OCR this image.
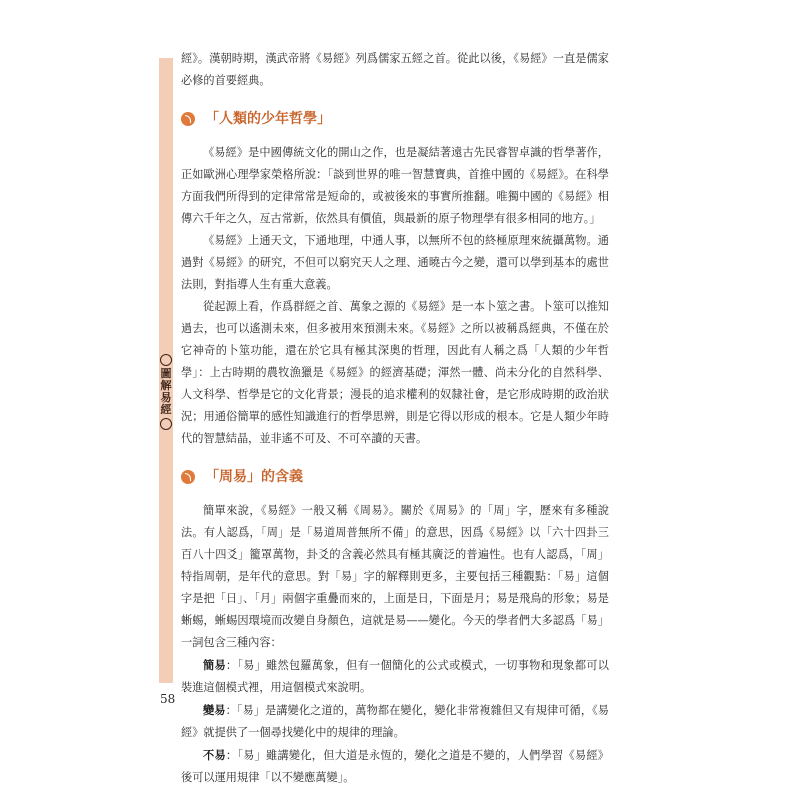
圖解易經

經》。漢朝時期，漢武帝將《易經》列爲儒家五經之首。從此以後，《易經》一直是儒家必修的首要經典。

「人類的少年哲學」

《易經》是中國傳統文化的開山之作，也是凝結著遠古先民睿智卓識的哲學著作，正如歐洲心理學家榮格所說：「談到世界的唯一智慧寶典，首推中國的《易經》。在科學方面我們所得到的定律常常是短命的，或被後來的事實所推翻。唯獨中國的《易經》相傳六千年之久，亙古常新，依然具有價值，與最新的原子物理學有很多相同的地方。」

《易經》上通天文，下通地理，中通人事，以無所不包的終極原理來統攝萬物。通過對《易經》的研究，不但可以窮究天人之理、通曉古今之變，還可以學到基本的處世法則，對指導人生有重大意義。

從起源上看，作爲群經之首、萬象之源的《易經》是一本卜筮之書。卜筮可以推知過去，也可以遙測未來，但多被用來預測未來。《易經》之所以被稱爲經典，不僅在於它神奇的卜筮功能，還在於它具有極其深奧的哲理，因此有人稱之爲「人類的少年哲學」：上古時期的農牧漁獵是《易經》的經濟基礎；渾然一體、尚未分化的自然科學、人文科學、哲學是它的文化背景；漫長的追求權利的奴隸社會，是它形成時期的政治狀況；用通俗簡單的感性知識進行的哲學思辨，則是它得以形成的根本。它是人類少年時代的智慧結晶，並非遙不可及、不可卒讀的天書。

「周易」的含義

簡單來說，《易經》一般又稱《周易》。關於《周易》的「周」字，歷來有多種說法。有人認爲，「周」是「易道周普無所不備」的意思，因爲《易經》以「六十四卦三百八十四爻」籠罩萬物，卦爻的含義必然具有極其廣泛的普遍性。也有人認爲，「周」特指周朝，是年代的意思。對「易」字的解釋則更多，主要包括三種觀點：「易」這個字是把「日」、「月」兩個字重疊而來的，上面是日，下面是月；易是飛鳥的形象；易是蜥蜴，蜥蜴因環境而改變自身顏色，這就是易——變化。今天的學者們大多認爲「易」一詞包含三種內容：

簡易：「易」雖然包羅萬象，但有一個簡化的公式或模式，一切事物和現象都可以裝進這個模式裡，用這個模式來說明。

變易：「易」是講變化之道的，萬物都在變化，變化非常複雜但又有規律可循，《易經》就提供了一個尋找變化中的規律的理論。

不易：「易」雖講變化，但大道是永恆的，變化之道是不變的，人們學習《易經》後可以運用規律「以不變應萬變」。

58
